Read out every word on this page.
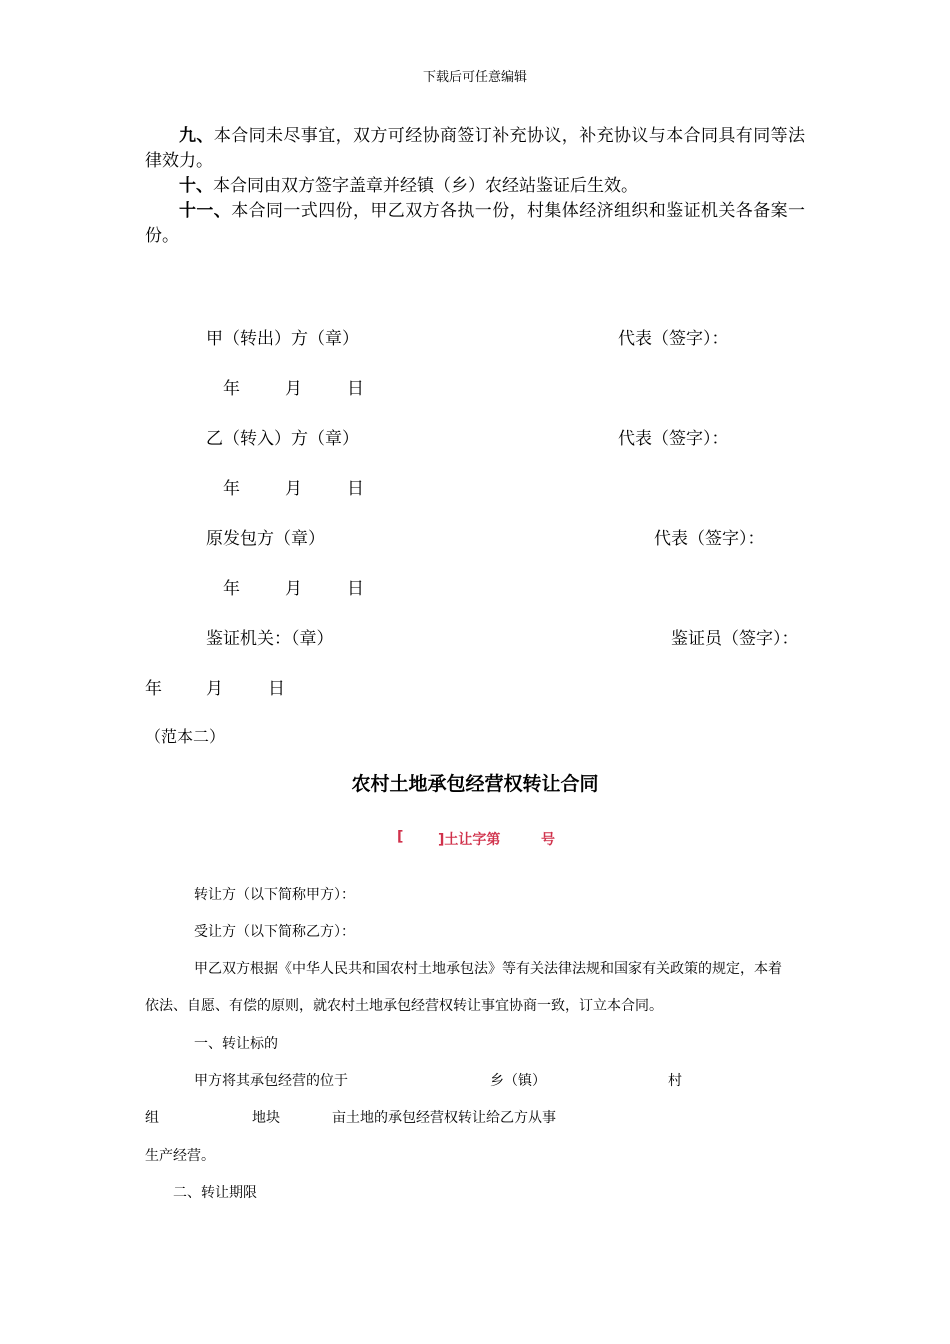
下载后可任意编辑

九、本合同未尽事宜，双方可经协商签订补充协议，补充协议与本合同具有同等法律效力。

十、本合同由双方签字盖章并经镇（乡）农经站鉴证后生效。

十一、本合同一式四份，甲乙双方各执一份，村集体经济组织和鉴证机关各备案一份。

甲（转出）方（章）	代表（签字）：
年	月	日
乙（转入）方（章）	代表（签字）：
年	月	日
原发包方（章）	代表（签字）：
年	月	日
鉴证机关：（章）	鉴证员（签字）：
年	月	日
（范本二）
农村土地承包经营权转让合同
[ ]土让字第	号
转让方（以下简称甲方）：
受让方（以下简称乙方）：
甲乙双方根据《中华人民共和国农村土地承包法》等有关法律法规和国家有关政策的规定，本着
依法、自愿、有偿的原则，就农村土地承包经营权转让事宜协商一致，订立本合同。
一、转让标的
甲方将其承包经营的位于	乡（镇）	村
组	地块	亩土地的承包经营权转让给乙方从事
生产经营。
二、转让期限
